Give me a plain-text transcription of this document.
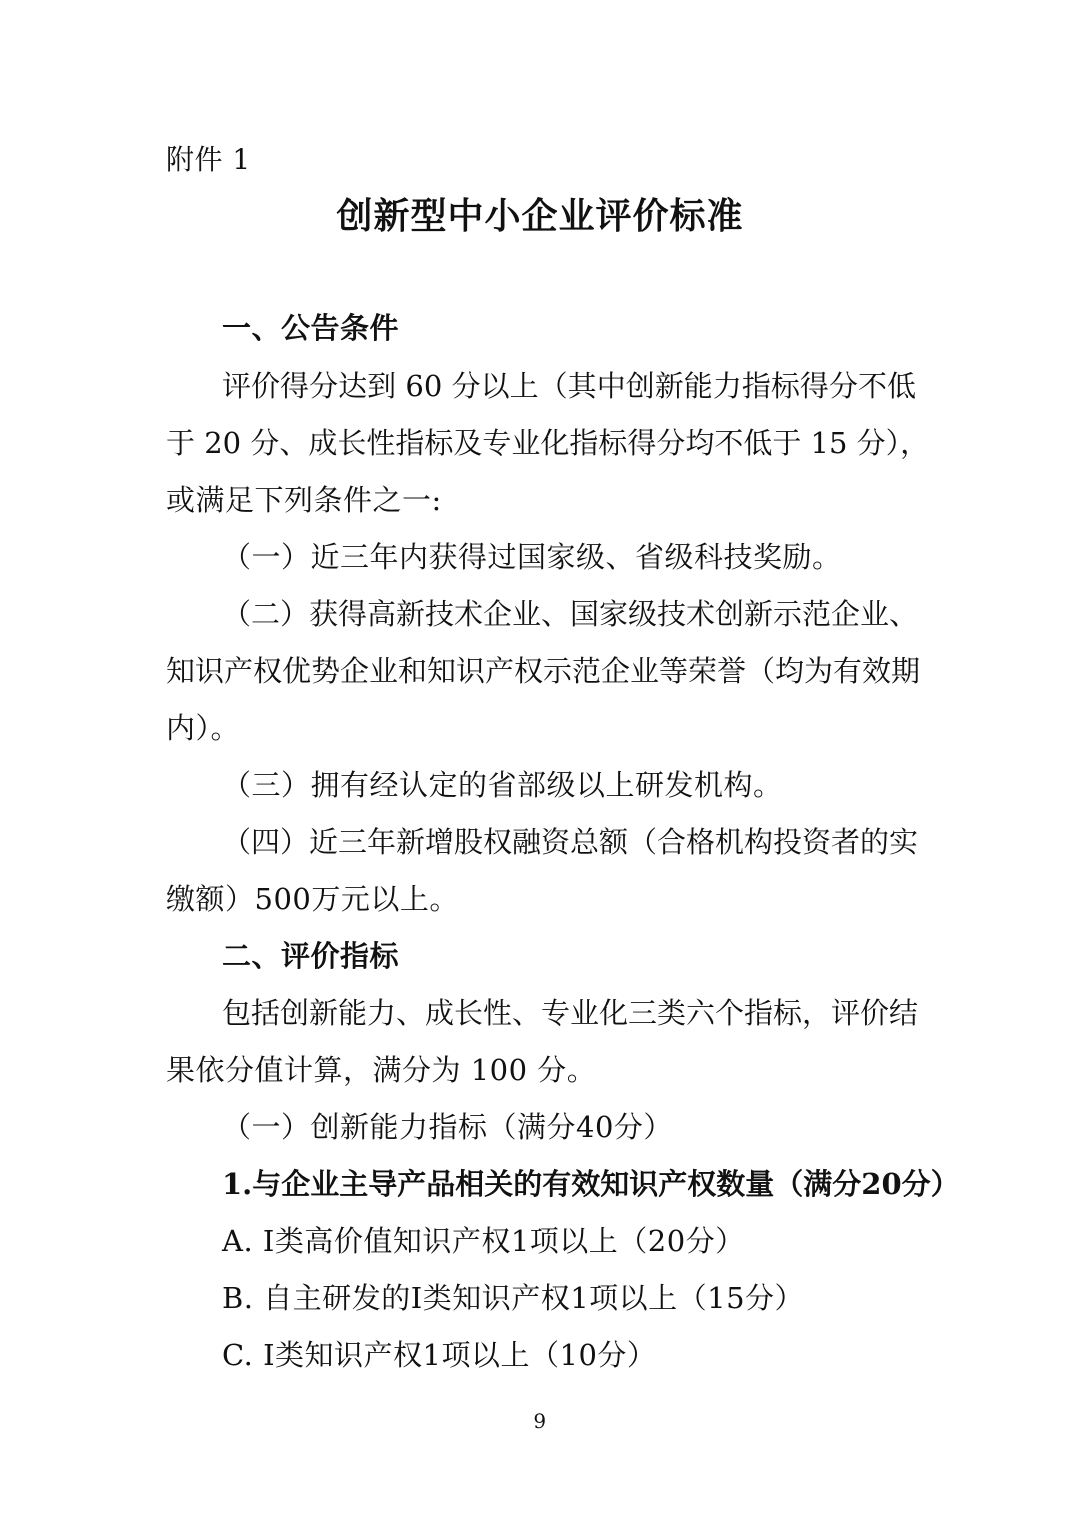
附件 1
创新型中小企业评价标准
一、公告条件
评价得分达到 60 分以上（其中创新能力指标得分不低
于 20 分、成长性指标及专业化指标得分均不低于 15 分），
或满足下列条件之一:
（一）近三年内获得过国家级、省级科技奖励。
（二）获得高新技术企业、国家级技术创新示范企业、
知识产权优势企业和知识产权示范企业等荣誉（均为有效期
内）。
（三）拥有经认定的省部级以上研发机构。
（四）近三年新增股权融资总额（合格机构投资者的实
缴额）500万元以上。
二、评价指标
包括创新能力、成长性、专业化三类六个指标，评价结
果依分值计算，满分为 100 分。
（一）创新能力指标（满分40分）
1.与企业主导产品相关的有效知识产权数量（满分20分）
A. I类高价值知识产权1项以上（20分）
B. 自主研发的I类知识产权1项以上（15分）
C. I类知识产权1项以上（10分）
9
